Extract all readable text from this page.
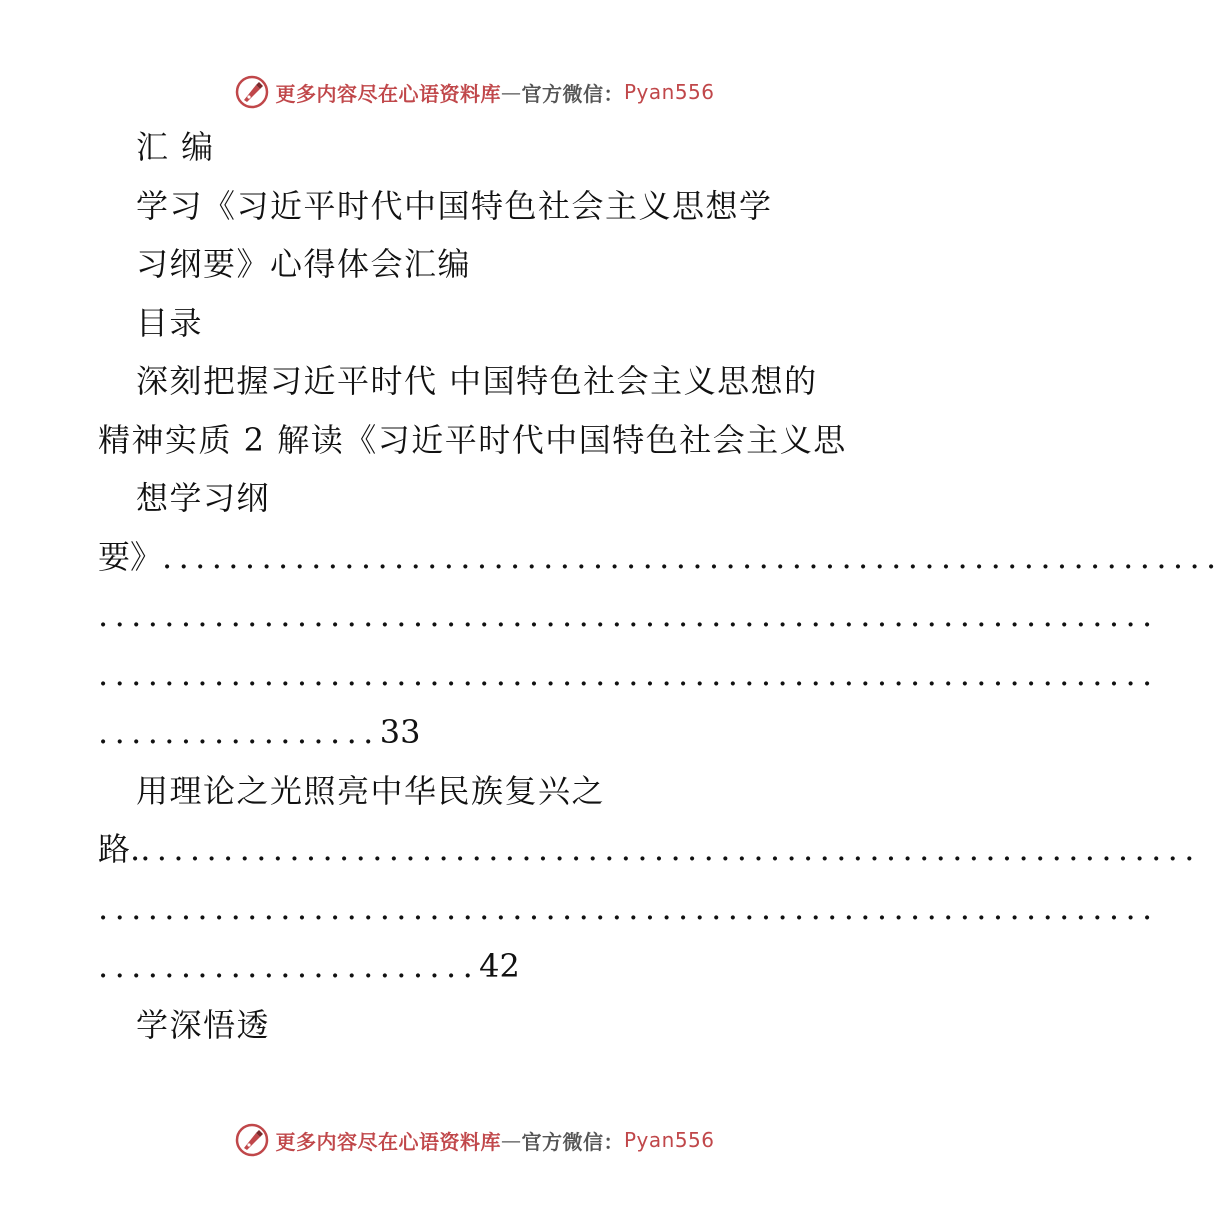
更多内容尽在心语资料库 — 官方微信： Pyan556
汇 编
学习《习近平时代中国特色社会主义思想学
习纲要》心得体会汇编
目录
深刻把握习近平时代 中国特色社会主义思想的
精神实质 2 解读《习近平时代中国特色社会主义思
想学习纲
要》 ................................................................
................................................................
................................................................
................. 33
用理论之光照亮中华民族复兴之
路. ................................................................
................................................................
....................... 42
学深悟透
更多内容尽在心语资料库 — 官方微信： Pyan556
